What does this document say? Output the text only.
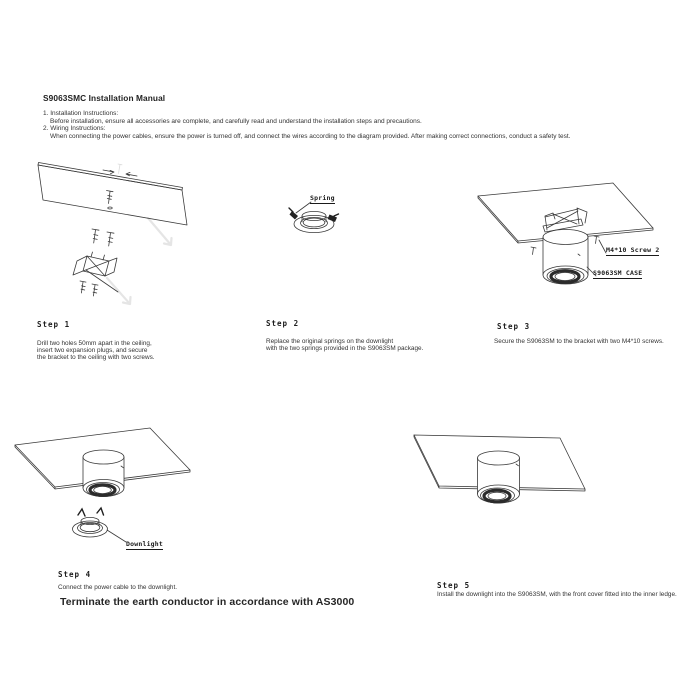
S9063SMC Installation Manual
1. Installation Instructions:
Before installation, ensure all accessories are complete, and carefully read and understand the installation steps and precautions.
2. Wiring Instructions:
When connecting the power cables, ensure the power is turned off, and connect the wires according to the diagram provided. After making correct connections, conduct a safety test.
Spring
M4*10 Screw 2
S9063SM CASE
Downlight
Step 1
Drill two holes 50mm apart in the ceiling,
insert two expansion plugs, and secure
the bracket to the ceiling with two screws.
Step 2
Replace the original springs on the downlight
with the two springs provided in the S9063SM package.
Step 3
Secure the S9063SM to the bracket with two M4*10 screws.
Step 4
Connect the power cable to the downlight.
Terminate the earth conductor in accordance with AS3000
Step 5
Install the downlight into the S9063SM, with the front cover fitted into the inner ledge.
